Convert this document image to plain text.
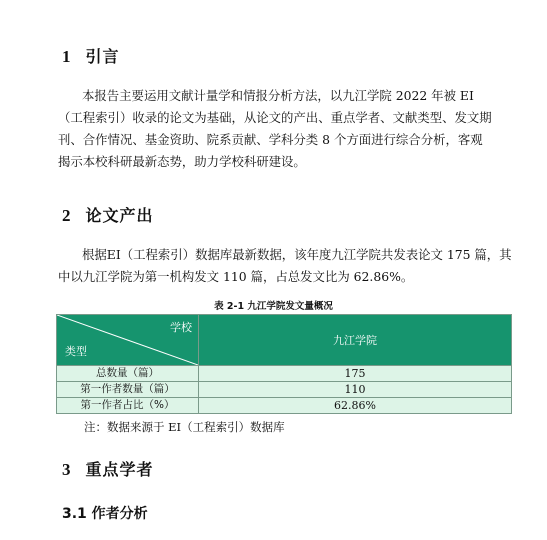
1 引言
本报告主要运用文献计量学和情报分析方法，以九江学院 2022 年被 EI
（工程索引）收录的论文为基础，从论文的产出、重点学者、文献类型、发文期
刊、合作情况、基金资助、院系贡献、学科分类 8 个方面进行综合分析，客观
揭示本校科研最新态势，助力学校科研建设。
2 论文产出
根据EI（工程索引）数据库最新数据，该年度九江学院共发表论文 175 篇，其
中以九江学院为第一机构发文 110 篇，占总发文比为 62.86%。
表 2-1 九江学院发文量概况
学校
类型	九江学院
总数量（篇）	175
第一作者数量（篇）	110
第一作者占比（%）	62.86%
注：数据来源于 EI（工程索引）数据库
3 重点学者
3.1 作者分析
